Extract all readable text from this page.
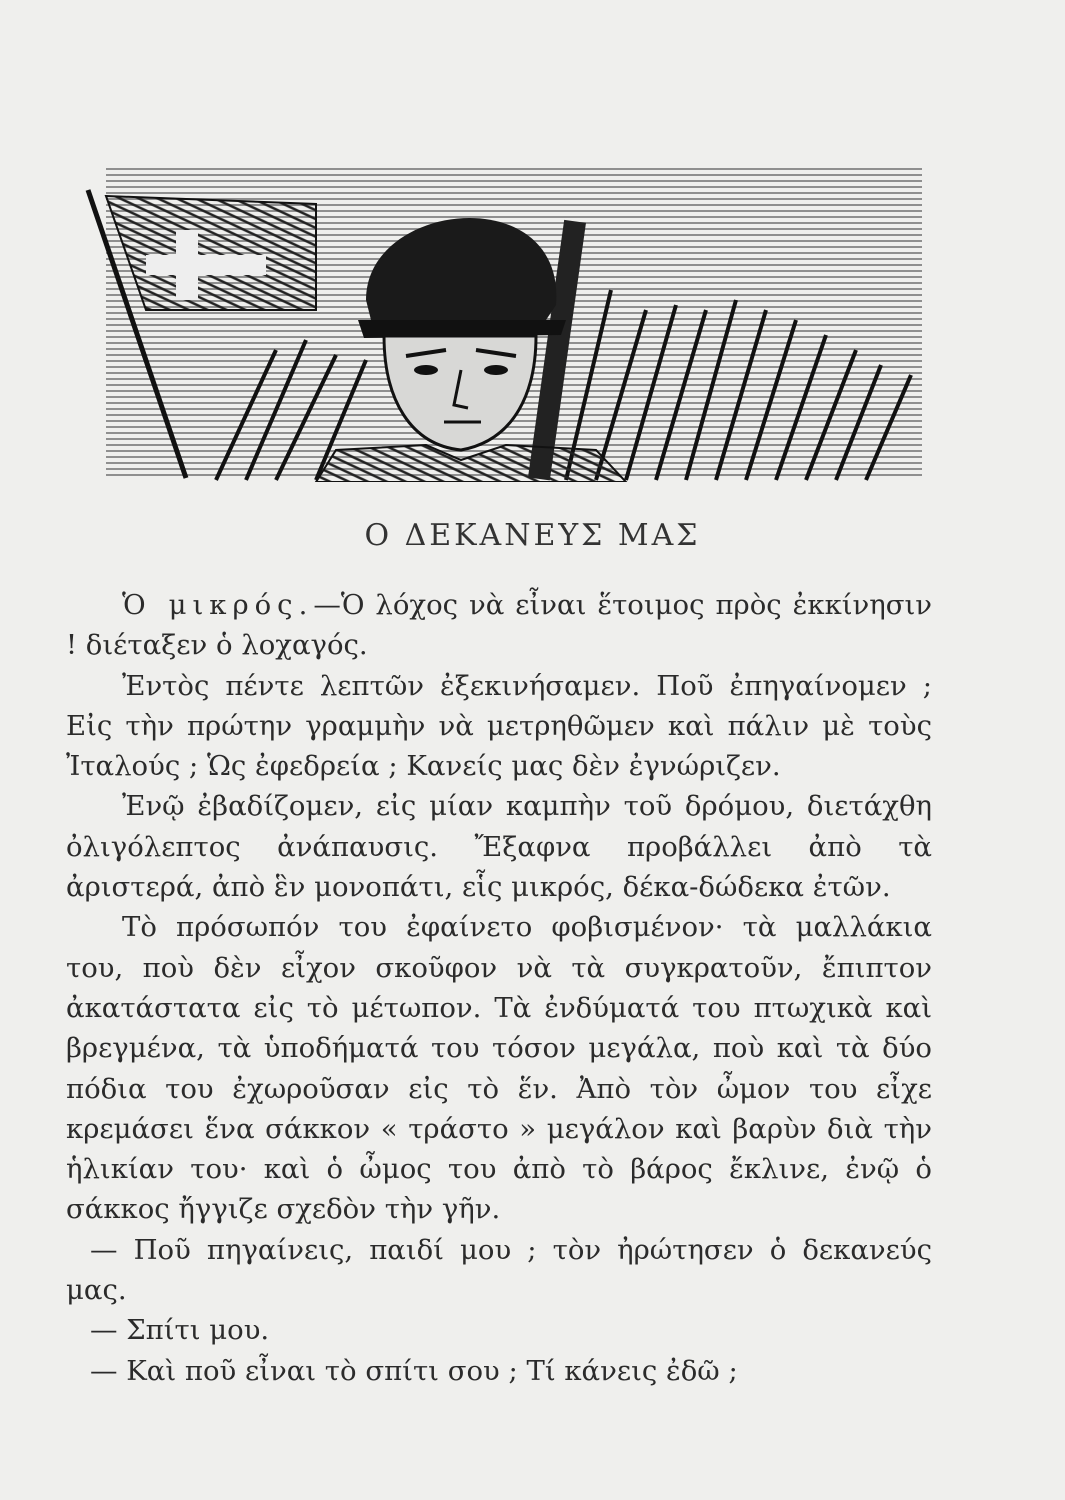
Ο ΔΕΚΑΝΕΥΣ ΜΑΣ

Ὁ μικρός.—Ὁ λόχος νὰ εἶναι ἕτοιμος πρὸς ἐκκίνησιν ! διέταξεν ὁ λοχαγός.

Ἐντὸς πέντε λεπτῶν ἐξεκινήσαμεν. Ποῦ ἐπηγαίνομεν ; Εἰς τὴν πρώτην γραμμὴν νὰ μετρηθῶμεν καὶ πάλιν μὲ τοὺς Ἰταλούς ; Ὡς ἐφεδρεία ; Κανείς μας δὲν ἐγνώριζεν.

Ἐνῷ ἐβαδίζομεν, εἰς μίαν καμπὴν τοῦ δρόμου, διετάχθη ὀλιγόλεπτος ἀνάπαυσις. Ἔξαφνα προβάλλει ἀπὸ τὰ ἀριστερά, ἀπὸ ἓν μονοπάτι, εἷς μικρός, δέκα-δώδεκα ἐτῶν.

Τὸ πρόσωπόν του ἐφαίνετο φοβισμένον· τὰ μαλλάκια του, ποὺ δὲν εἶχον σκοῦφον νὰ τὰ συγκρατοῦν, ἔπιπτον ἀκατάστατα εἰς τὸ μέτωπον. Τὰ ἐνδύματά του πτωχικὰ καὶ βρεγμένα, τὰ ὑποδήματά του τόσον μεγάλα, ποὺ καὶ τὰ δύο πόδια του ἐχωροῦσαν εἰς τὸ ἕν. Ἀπὸ τὸν ὦμον του εἶχε κρεμάσει ἕνα σάκκον « τράστο » μεγάλον καὶ βαρὺν διὰ τὴν ἡλικίαν του· καὶ ὁ ὦμος του ἀπὸ τὸ βάρος ἔκλινε, ἐνῷ ὁ σάκκος ἤγγιζε σχεδὸν τὴν γῆν.

— Ποῦ πηγαίνεις, παιδί μου ; τὸν ἠρώτησεν ὁ δεκανεύς μας.

— Σπίτι μου.

— Καὶ ποῦ εἶναι τὸ σπίτι σου ; Τί κάνεις ἐδῶ ;
